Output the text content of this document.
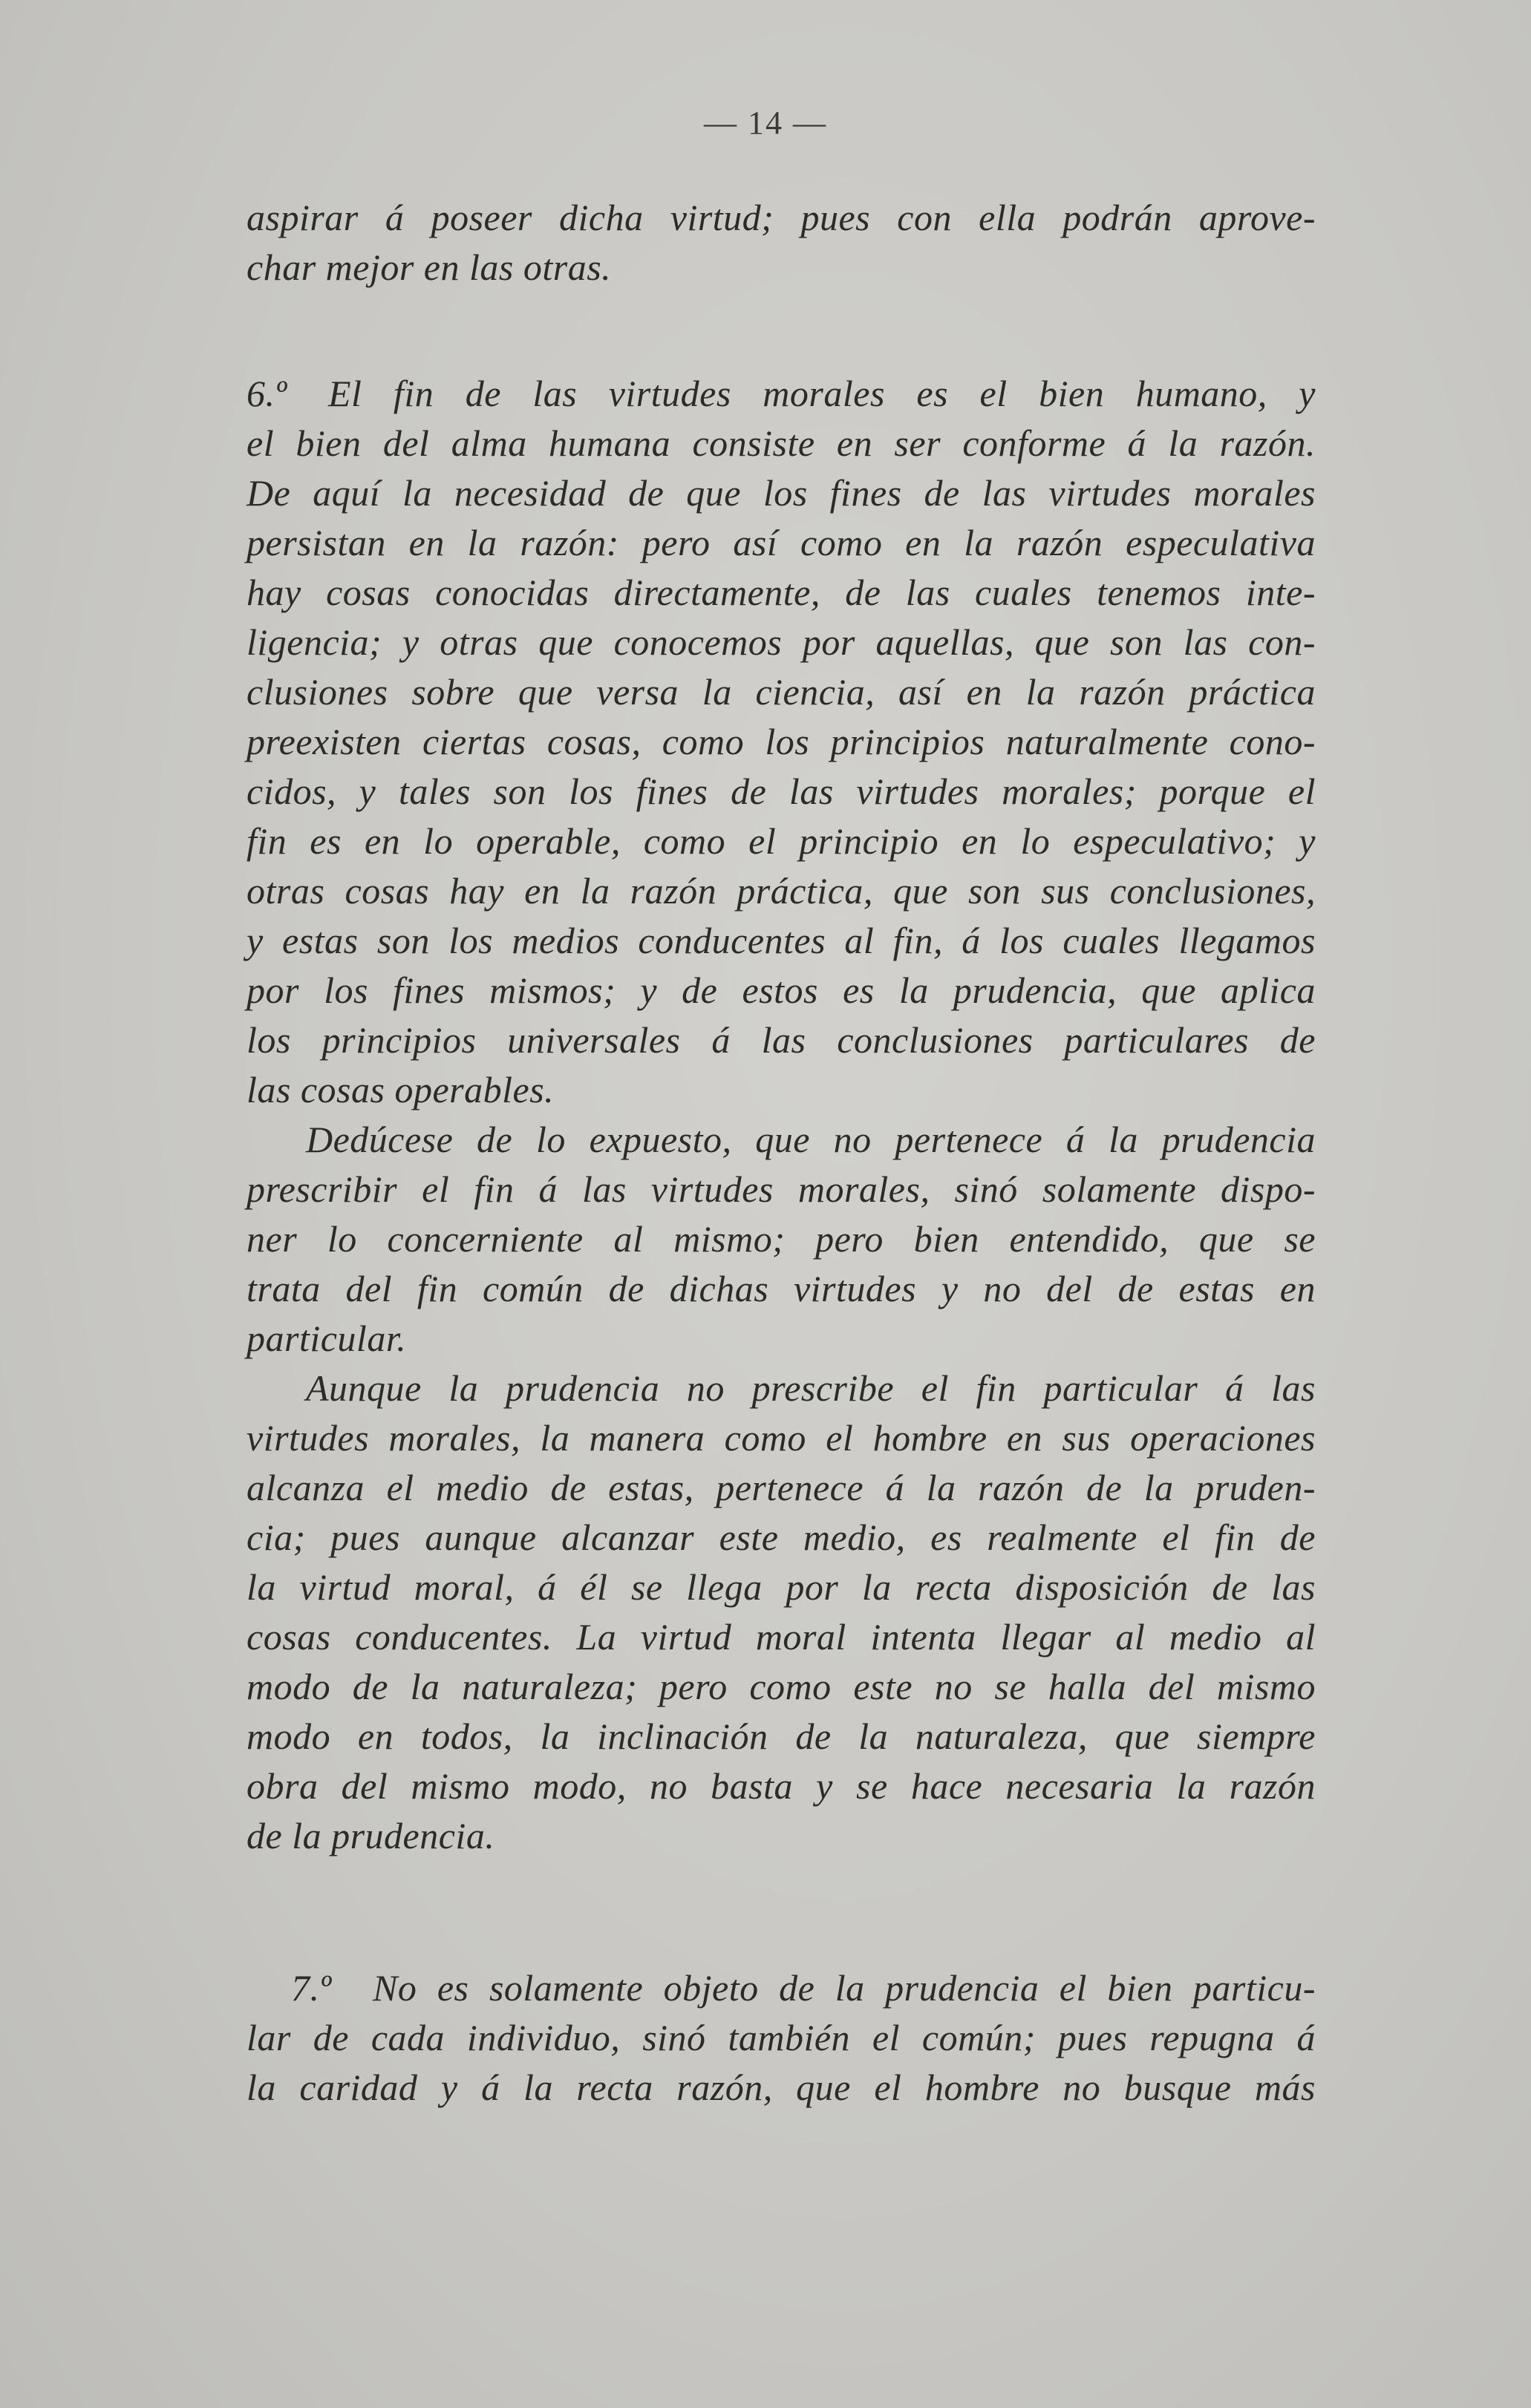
— 14 —
aspirar á poseer dicha virtud; pues con ella podrán aprove-
char mejor en las otras.
6.º El fin de las virtudes morales es el bien humano, y
el bien del alma humana consiste en ser conforme á la razón.
De aquí la necesidad de que los fines de las virtudes morales
persistan en la razón: pero así como en la razón especulativa
hay cosas conocidas directamente, de las cuales tenemos inte-
ligencia; y otras que conocemos por aquellas, que son las con-
clusiones sobre que versa la ciencia, así en la razón práctica
preexisten ciertas cosas, como los principios naturalmente cono-
cidos, y tales son los fines de las virtudes morales; porque el
fin es en lo operable, como el principio en lo especulativo; y
otras cosas hay en la razón práctica, que son sus conclusiones,
y estas son los medios conducentes al fin, á los cuales llegamos
por los fines mismos; y de estos es la prudencia, que aplica
los principios universales á las conclusiones particulares de
las cosas operables.
Dedúcese de lo expuesto, que no pertenece á la prudencia
prescribir el fin á las virtudes morales, sinó solamente dispo-
ner lo concerniente al mismo; pero bien entendido, que se
trata del fin común de dichas virtudes y no del de estas en
particular.
Aunque la prudencia no prescribe el fin particular á las
virtudes morales, la manera como el hombre en sus operaciones
alcanza el medio de estas, pertenece á la razón de la pruden-
cia; pues aunque alcanzar este medio, es realmente el fin de
la virtud moral, á él se llega por la recta disposición de las
cosas conducentes. La virtud moral intenta llegar al medio al
modo de la naturaleza; pero como este no se halla del mismo
modo en todos, la inclinación de la naturaleza, que siempre
obra del mismo modo, no basta y se hace necesaria la razón
de la prudencia.
7.º No es solamente objeto de la prudencia el bien particu-
lar de cada individuo, sinó también el común; pues repugna á
la caridad y á la recta razón, que el hombre no busque más
